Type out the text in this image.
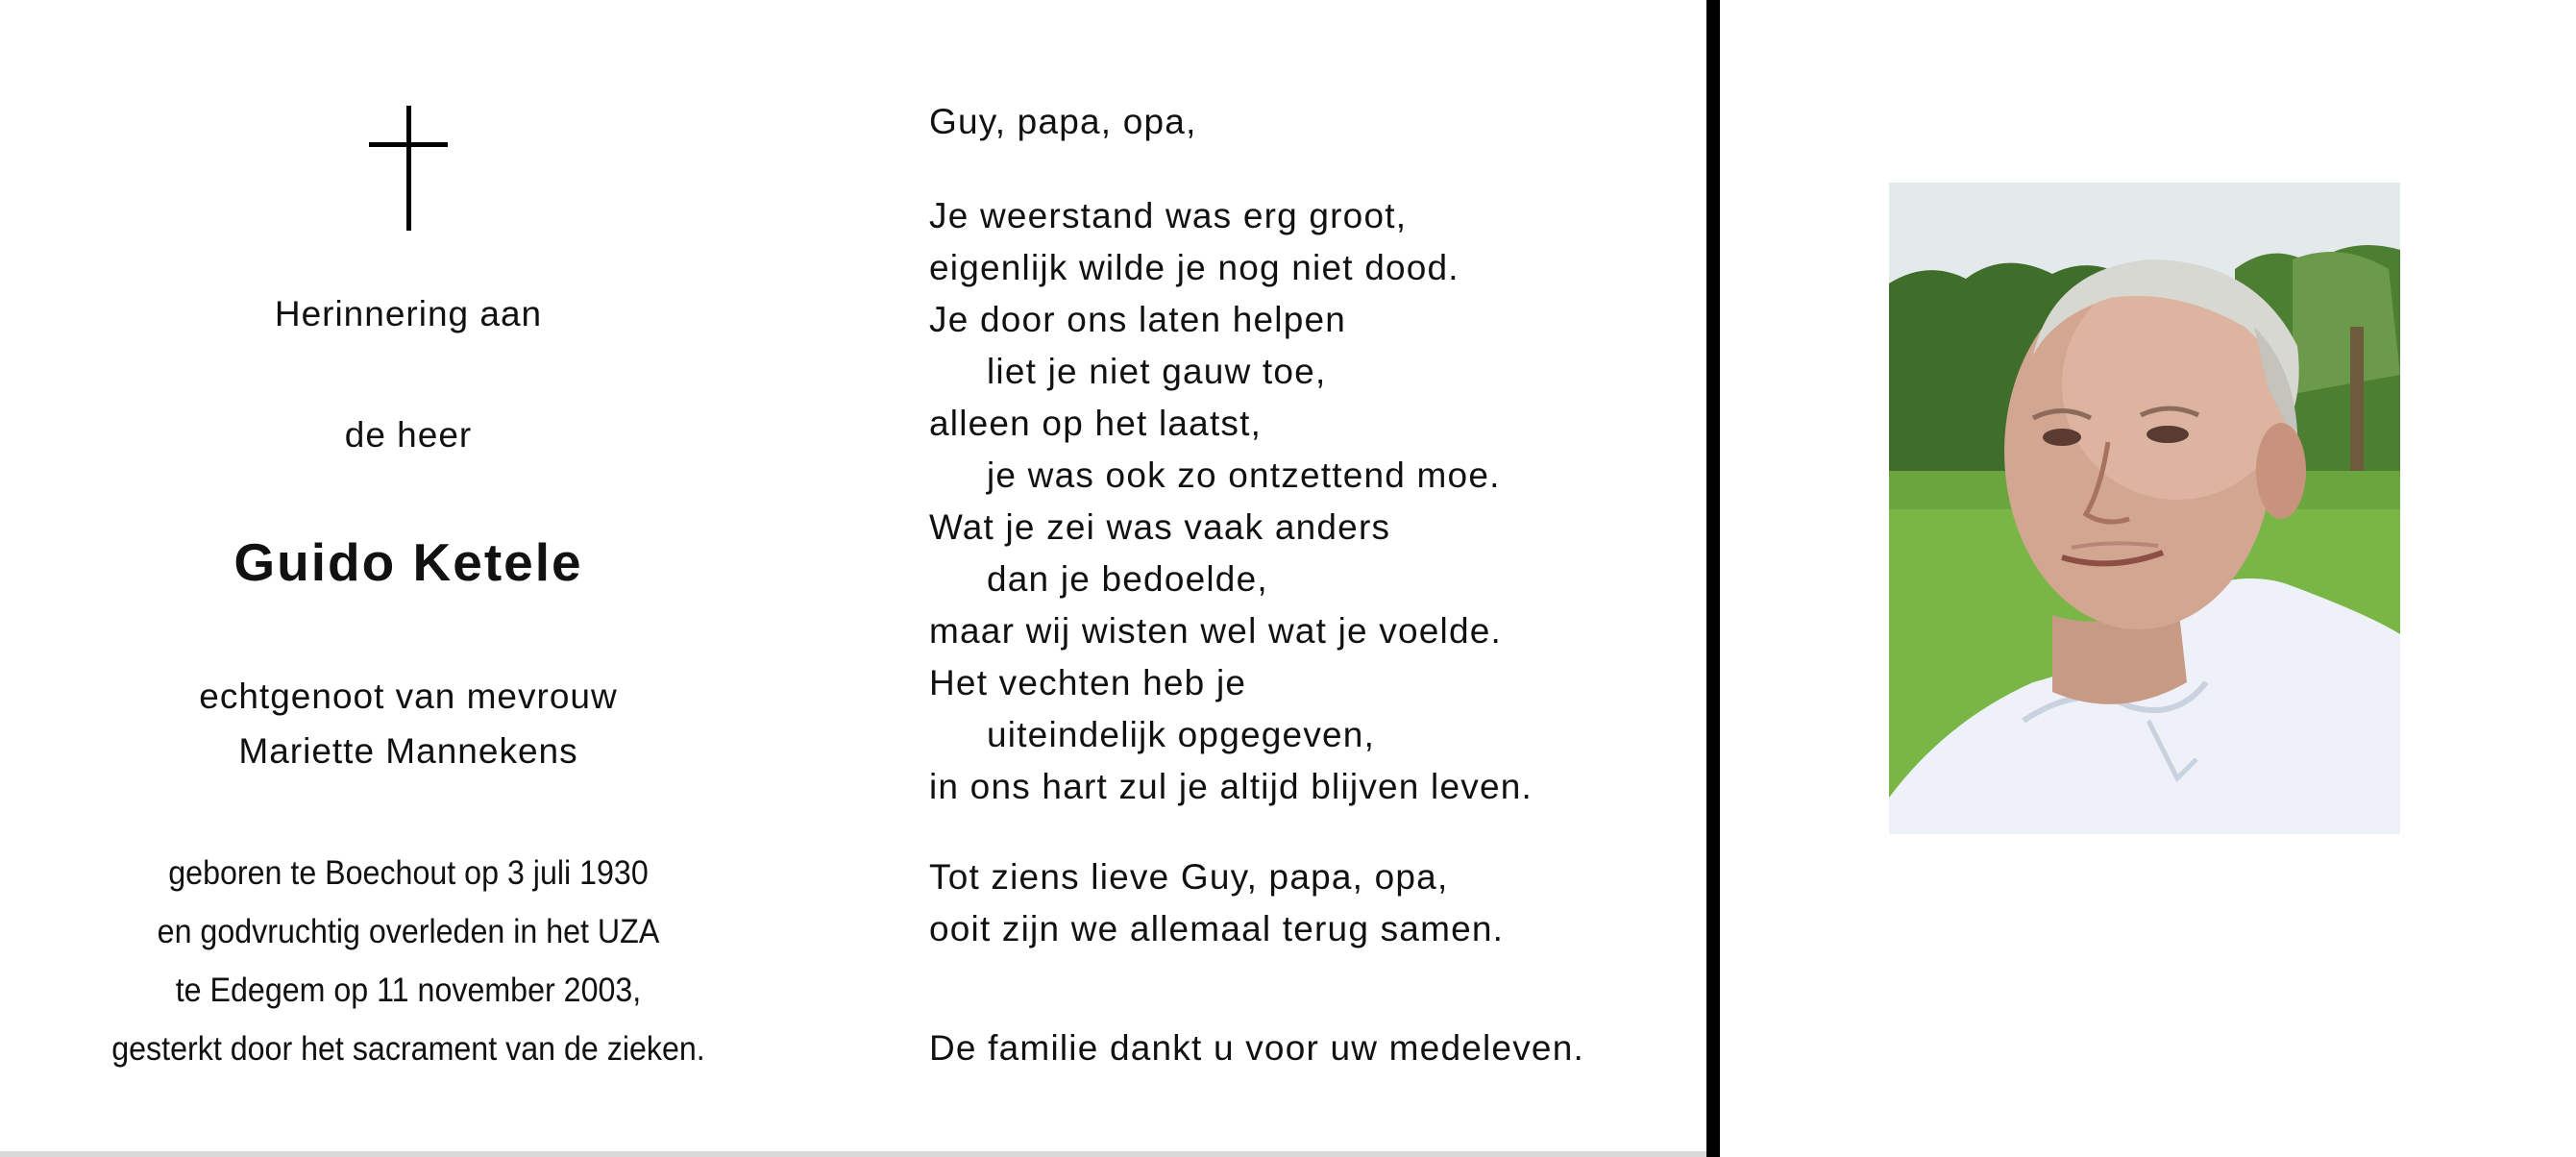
Herinnering aan
de heer
Guido Ketele
echtgenoot van mevrouw
Mariette Mannekens
geboren te Boechout op 3 juli 1930
en godvruchtig overleden in het UZA
te Edegem op 11 november 2003,
gesterkt door het sacrament van de zieken.
Guy, papa, opa,
Je weerstand was erg groot,
eigenlijk wilde je nog niet dood.
Je door ons laten helpen
liet je niet gauw toe,
alleen op het laatst,
je was ook zo ontzettend moe.
Wat je zei was vaak anders
dan je bedoelde,
maar wij wisten wel wat je voelde.
Het vechten heb je
uiteindelijk opgegeven,
in ons hart zul je altijd blijven leven.
Tot ziens lieve Guy, papa, opa,
ooit zijn we allemaal terug samen.
De familie dankt u voor uw medeleven.
